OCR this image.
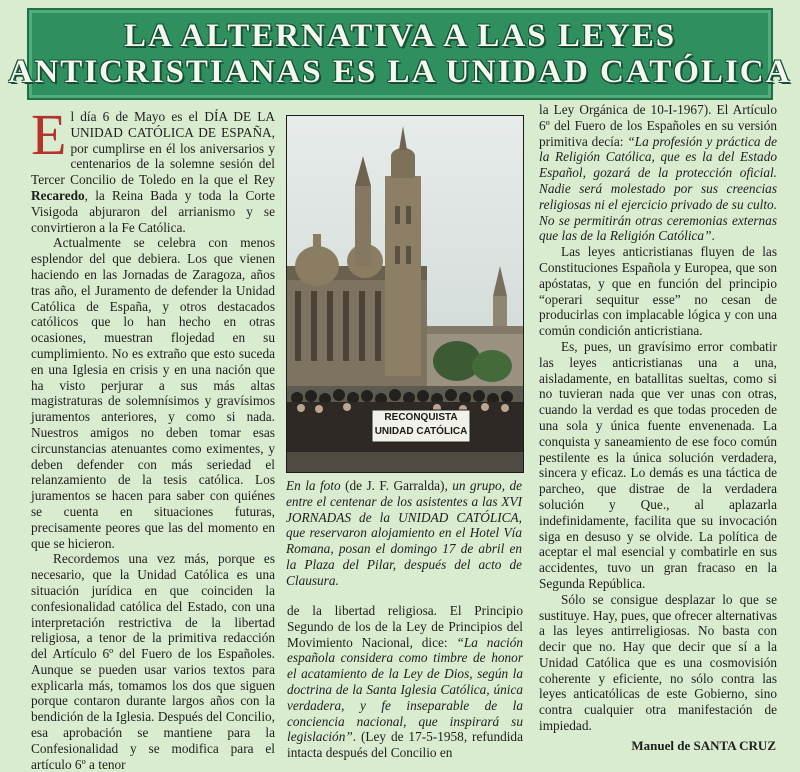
LA ALTERNATIVA A LAS LEYES
ANTICRISTIANAS ES LA UNIDAD CATÓLICA

El día 6 de Mayo es el DÍA DE LA UNIDAD CATÓLICA DE ESPAÑA, por cumplirse en él los aniversarios y centenarios de la solemne sesión del Tercer Concilio de Toledo en la que el Rey Recaredo, la Reina Bada y toda la Corte Visigoda abjuraron del arrianismo y se convirtieron a la Fe Católica.

Actualmente se celebra con menos esplendor del que debiera. Los que vienen haciendo en las Jornadas de Zaragoza, años tras año, el Juramento de defender la Unidad Católica de España, y otros destacados católicos que lo han hecho en otras ocasiones, muestran flojedad en su cumplimiento. No es extraño que esto suceda en una Iglesia en crisis y en una nación que ha visto perjurar a sus más altas magistraturas de solemnísimos y gravísimos juramentos anteriores, y como si nada. Nuestros amigos no deben tomar esas circunstancias atenuantes como eximentes, y deben defender con más seriedad el relanzamiento de la tesis católica. Los juramentos se hacen para saber con quiénes se cuenta en situaciones futuras, precisamente peores que las del momento en que se hicieron.

Recordemos una vez más, porque es necesario, que la Unidad Católica es una situación jurídica en que coinciden la confesionalidad católica del Estado, con una interpretación restrictiva de la libertad religiosa, a tenor de la primitiva redacción del Artículo 6º del Fuero de los Españoles. Aunque se pueden usar varios textos para explicarla más, tomamos los dos que siguen porque contaron durante largos años con la bendición de la Iglesia. Después del Concilio, esa aprobación se mantiene para la Confesionalidad y se modifica para el artículo 6º a tenor

RECONQUISTA
UNIDAD CATÓLICA
En la foto (de J. F. Garralda), un grupo, de entre el centenar de los asistentes a las XVI JORNADAS de la UNIDAD CATÓLICA, que reservaron alojamiento en el Hotel Vía Romana, posan el domingo 17 de abril en la Plaza del Pilar, después del acto de Clausura.

de la libertad religiosa. El Principio Segundo de los de la Ley de Principios del Movimiento Nacional, dice: “La nación española considera como timbre de honor el acatamiento de la Ley de Dios, según la doctrina de la Santa Iglesia Católica, única verdadera, y fe inseparable de la conciencia nacional, que inspirará su legislación”. (Ley de 17-5-1958, refundida intacta después del Concilio en

la Ley Orgánica de 10-I-1967). El Artículo 6º del Fuero de los Españoles en su versión primitiva decía: “La profesión y práctica de la Religión Católica, que es la del Estado Español, gozará de la protección oficial. Nadie será molestado por sus creencias religiosas ni el ejercicio privado de su culto. No se permitirán otras ceremonias externas que las de la Religión Católica”.

Las leyes anticristianas fluyen de las Constituciones Española y Europea, que son apóstatas, y que en función del principio “operari sequitur esse” no cesan de producirlas con implacable lógica y con una común condición anticristiana.

Es, pues, un gravísimo error combatir las leyes anticristianas una a una, aisladamente, en batallitas sueltas, como si no tuvieran nada que ver unas con otras, cuando la verdad es que todas proceden de una sola y única fuente envenenada. La conquista y saneamiento de ese foco común pestilente es la única solución verdadera, sincera y eficaz. Lo demás es una táctica de parcheo, que distrae de la verdadera solución y Que., al aplazarla indefinidamente, facilita que su invocación siga en desuso y se olvide. La política de aceptar el mal esencial y combatirle en sus accidentes, tuvo un gran fracaso en la Segunda República.

Sólo se consigue desplazar lo que se sustituye. Hay, pues, que ofrecer alternativas a las leyes antirreligiosas. No basta con decir que no. Hay que decir que sí a la Unidad Católica que es una cosmovisión coherente y eficiente, no sólo contra las leyes anticatólicas de este Gobierno, sino contra cualquier otra manifestación de impiedad.

Manuel de SANTA CRUZ
